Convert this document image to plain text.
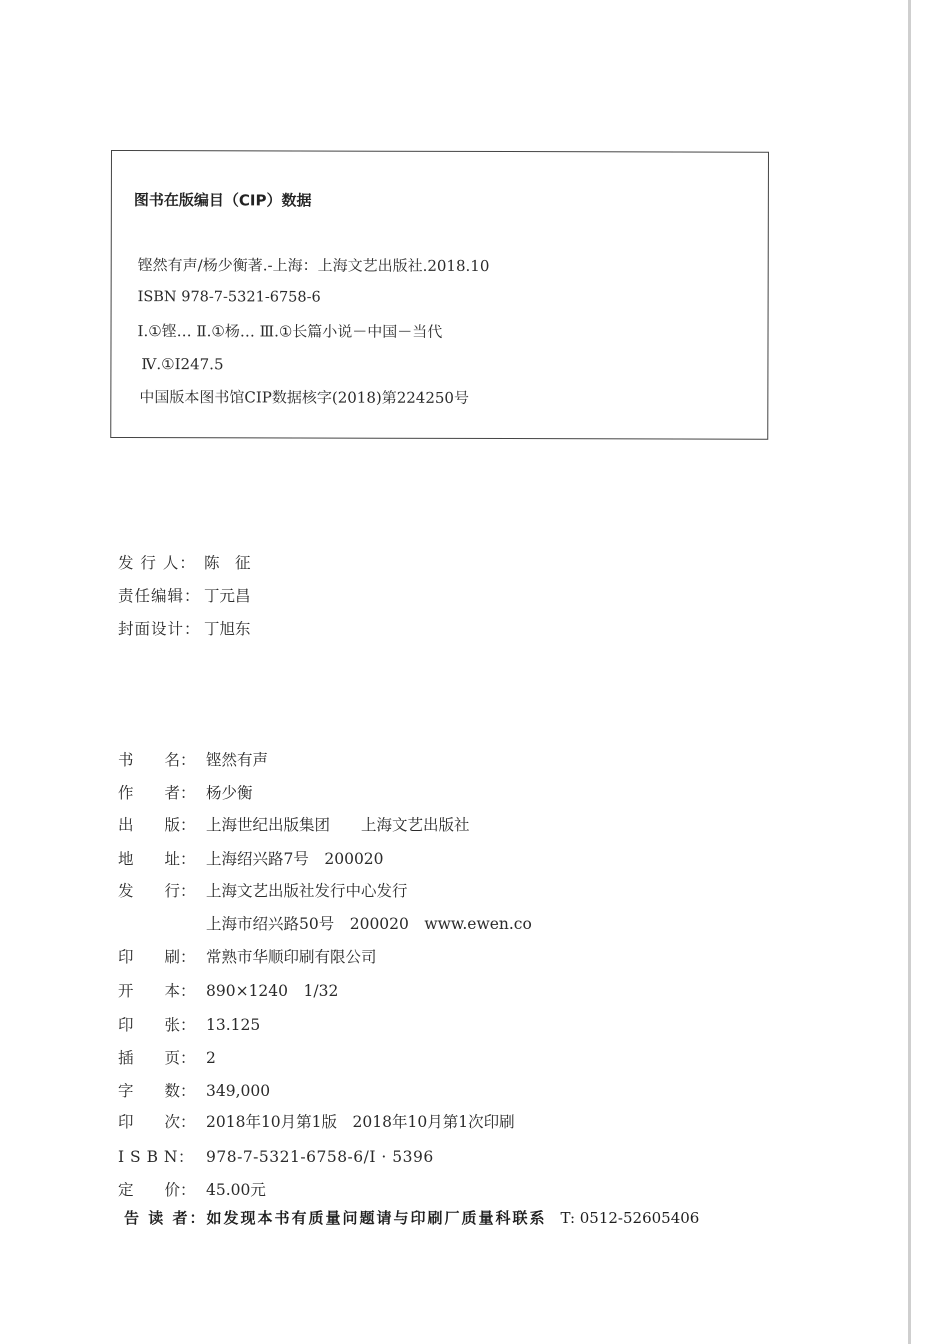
图书在版编目（CIP）数据
铿然有声/杨少衡著.-上海：上海文艺出版社.2018.10
ISBN 978-7-5321-6758-6
Ⅰ.①铿… Ⅱ.①杨… Ⅲ.①长篇小说－中国－当代
Ⅳ.①I247.5
中国版本图书馆CIP数据核字(2018)第224250号
发 行 人： 陈　征
责任编辑： 丁元昌
封面设计： 丁旭东
书　　名： 铿然有声
作　　者： 杨少衡
出　　版： 上海世纪出版集团　　上海文艺出版社
地　　址： 上海绍兴路7号　200020
发　　行： 上海文艺出版社发行中心发行
上海市绍兴路50号　200020　www.ewen.co
印　　刷： 常熟市华顺印刷有限公司
开　　本： 890×1240　1/32
印　　张： 13.125
插　　页： 2
字　　数： 349,000
印　　次： 2018年10月第1版　2018年10月第1次印刷
I S B N： 978-7-5321-6758-6/I · 5396
定　　价： 45.00元
告 读 者：如发现本书有质量问题请与印刷厂质量科联系 T: 0512-52605406
